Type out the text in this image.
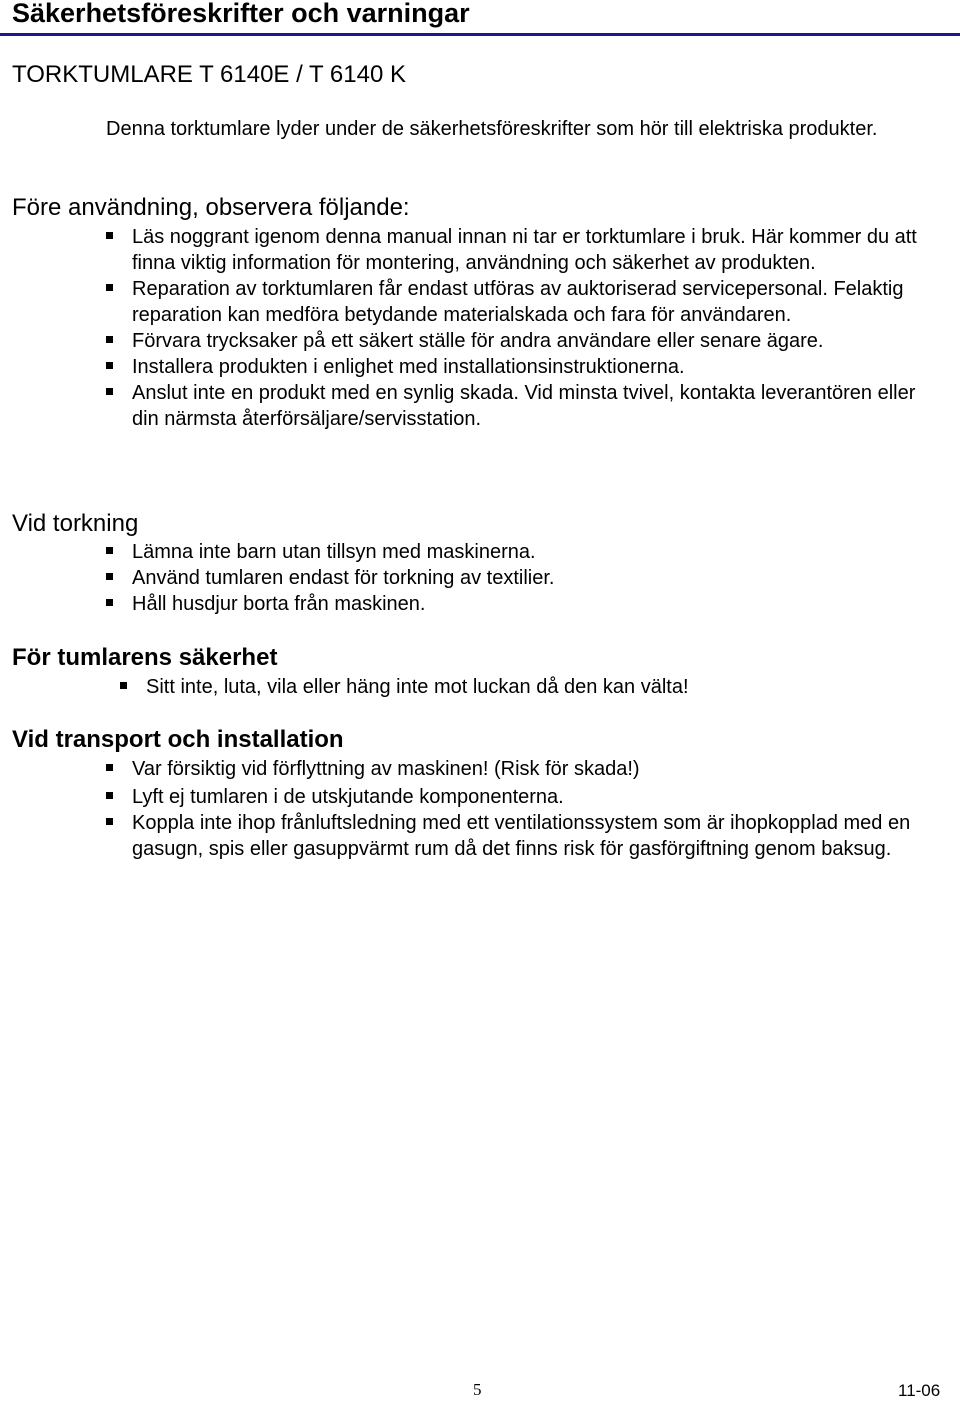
Säkerhetsföreskrifter och varningar
TORKTUMLARE T 6140E / T 6140 K

Denna torktumlare lyder under de säkerhetsföreskrifter som hör till elektriska produkter.

Före användning, observera följande:
Läs noggrant igenom denna manual innan ni tar er torktumlare i bruk. Här kommer du att finna viktig information för montering, användning och säkerhet av produkten.
Reparation av torktumlaren får endast utföras av auktoriserad servicepersonal. Felaktig reparation kan medföra betydande materialskada och fara för användaren.
Förvara trycksaker på ett säkert ställe för andra användare eller senare ägare.
Installera produkten i enlighet med installationsinstruktionerna.
Anslut inte en produkt med en synlig skada. Vid minsta tvivel, kontakta leverantören eller din närmsta återförsäljare/servisstation.
Vid torkning
Lämna inte barn utan tillsyn med maskinerna.
Använd tumlaren endast för torkning av textilier.
Håll husdjur borta från maskinen.
För tumlarens säkerhet
Sitt inte, luta, vila eller häng inte mot luckan då den kan välta!
Vid transport och installation
Var försiktig vid förflyttning av maskinen! (Risk för skada!)
Lyft ej tumlaren i de utskjutande komponenterna.
Koppla inte ihop frånluftsledning med ett ventilationssystem som är ihopkopplad med en gasugn, spis eller gasuppvärmt rum då det finns risk för gasförgiftning genom baksug.
5	11-06
